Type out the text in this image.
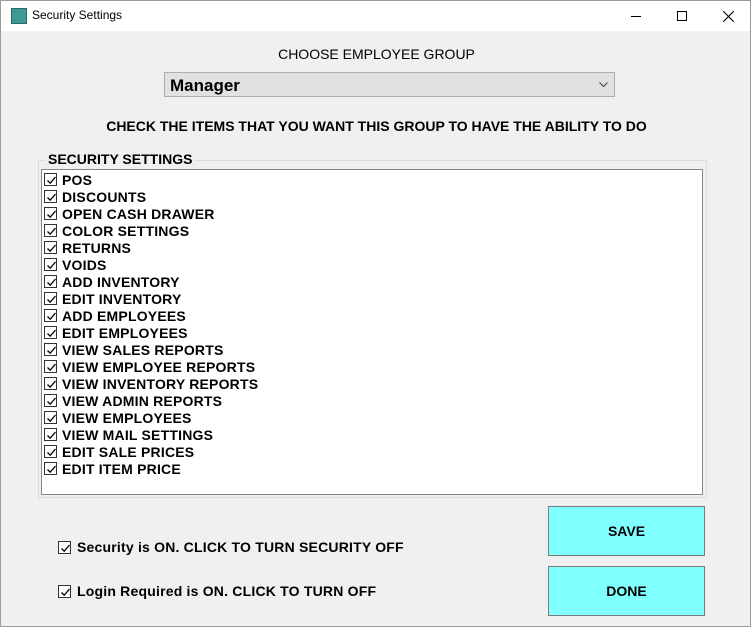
Security Settings
CHOOSE EMPLOYEE GROUP
Manager
CHECK THE ITEMS THAT YOU WANT THIS GROUP TO HAVE THE ABILITY TO DO
SECURITY SETTINGS
POS
DISCOUNTS
OPEN CASH DRAWER
COLOR SETTINGS
RETURNS
VOIDS
ADD INVENTORY
EDIT INVENTORY
ADD EMPLOYEES
EDIT EMPLOYEES
VIEW SALES REPORTS
VIEW EMPLOYEE REPORTS
VIEW INVENTORY REPORTS
VIEW ADMIN REPORTS
VIEW EMPLOYEES
VIEW MAIL SETTINGS
EDIT SALE PRICES
EDIT ITEM PRICE
Security is ON. CLICK TO TURN SECURITY OFF
Login Required is ON. CLICK TO TURN OFF
SAVE
DONE
